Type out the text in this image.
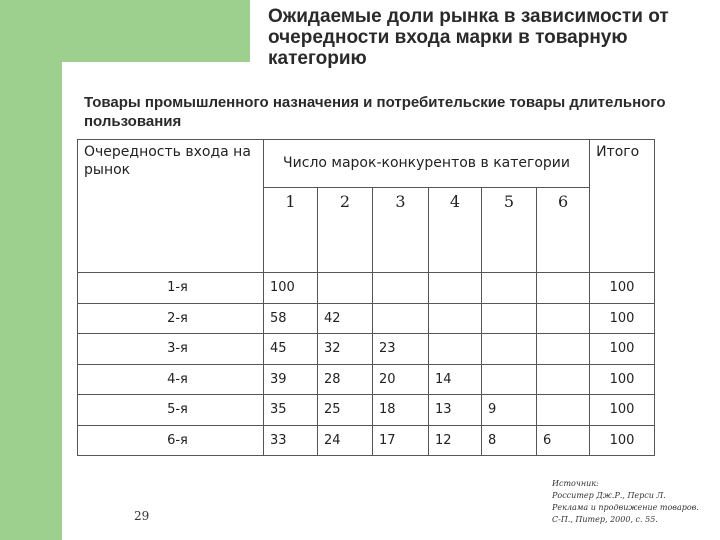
Ожидаемые доли рынка в зависимости от очередности входа марки в товарную категорию
Товары промышленного назначения и потребительские товары длительного пользования
Очередность входа на рынок	Число марок-конкурентов в категории						Итого
	1	2	3	4	5	6	
1-я	100						100
2-я	58	42					100
3-я	45	32	23				100
4-я	39	28	20	14			100
5-я	35	25	18	13	9		100
6-я	33	24	17	12	8	6	100
29
Источник:
Росситер Дж.Р., Перси Л.
Реклама и продвижение товаров.
С-П., Питер, 2000, с. 55.
